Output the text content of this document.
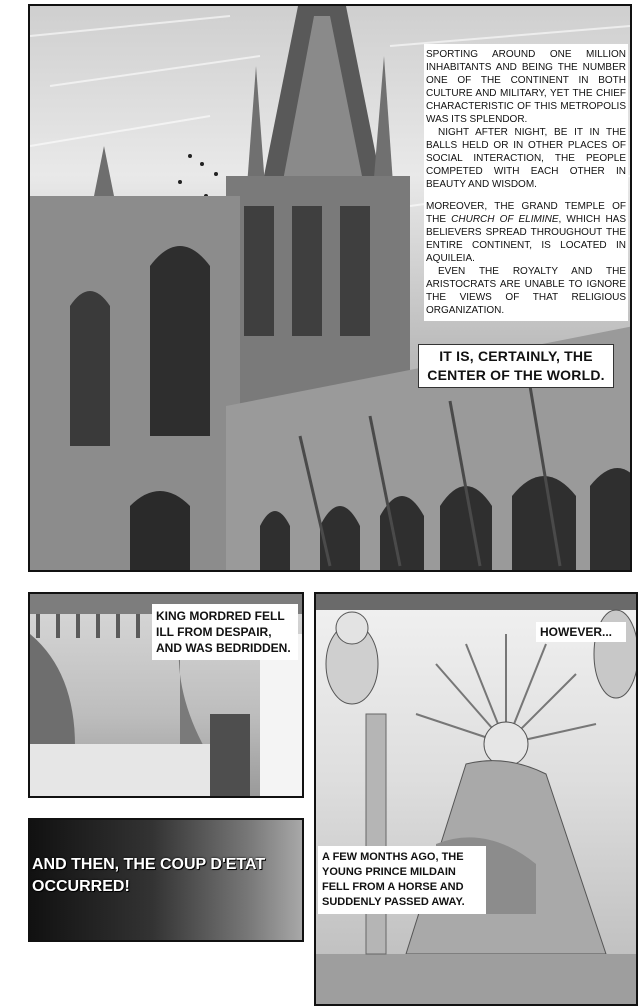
SPORTING AROUND ONE MILLION INHABITANTS AND BEING THE NUMBER ONE OF THE CONTINENT IN BOTH CULTURE AND MILITARY, YET THE CHIEF CHARACTERISTIC OF THIS METROPOLIS WAS ITS SPLENDOR.

NIGHT AFTER NIGHT, BE IT IN THE BALLS HELD OR IN OTHER PLACES OF SOCIAL INTERACTION, THE PEOPLE COMPETED WITH EACH OTHER IN BEAUTY AND WISDOM.

MOREOVER, THE GRAND TEMPLE OF THE CHURCH OF ELIMINE, WHICH HAS BELIEVERS SPREAD THROUGHOUT THE ENTIRE CONTINENT, IS LOCATED IN AQUILEIA.

EVEN THE ROYALTY AND THE ARISTOCRATS ARE UNABLE TO IGNORE THE VIEWS OF THAT RELIGIOUS ORGANIZATION.

IT IS, CERTAINLY, THE CENTER OF THE WORLD.
KING MORDRED FELL ILL FROM DESPAIR, AND WAS BEDRIDDEN.
AND THEN, THE COUP D'ETAT OCCURRED!
HOWEVER...
A FEW MONTHS AGO, THE YOUNG PRINCE MILDAIN FELL FROM A HORSE AND SUDDENLY PASSED AWAY.
